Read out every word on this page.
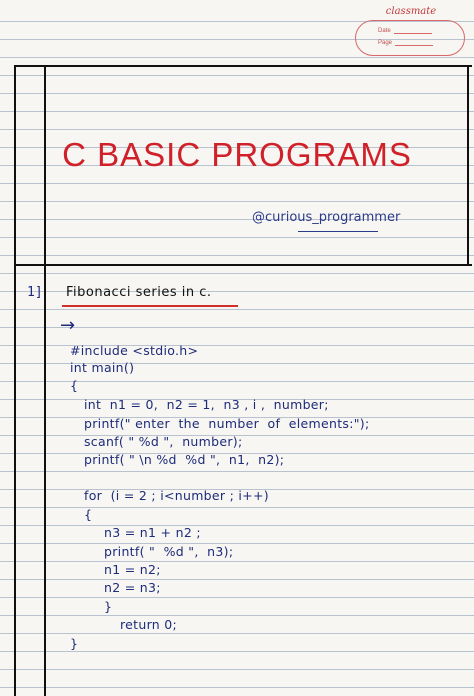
classmate
Date
Page
C BASIC PROGRAMS
@curious_programmer
1] Fibonacci series in c.
→
#include <stdio.h>
int main()
{
int  n1 = 0,  n2 = 1,  n3 , i ,  number;
printf(" enter  the  number  of  elements:");
scanf( " %d ",  number);
printf( " \n %d  %d ",  n1,  n2);
for  (i = 2 ; i<number ; i++)
{
n3 = n1 + n2 ;
printf( "  %d ",  n3);
n1 = n2;
n2 = n3;
}
return 0;
}
